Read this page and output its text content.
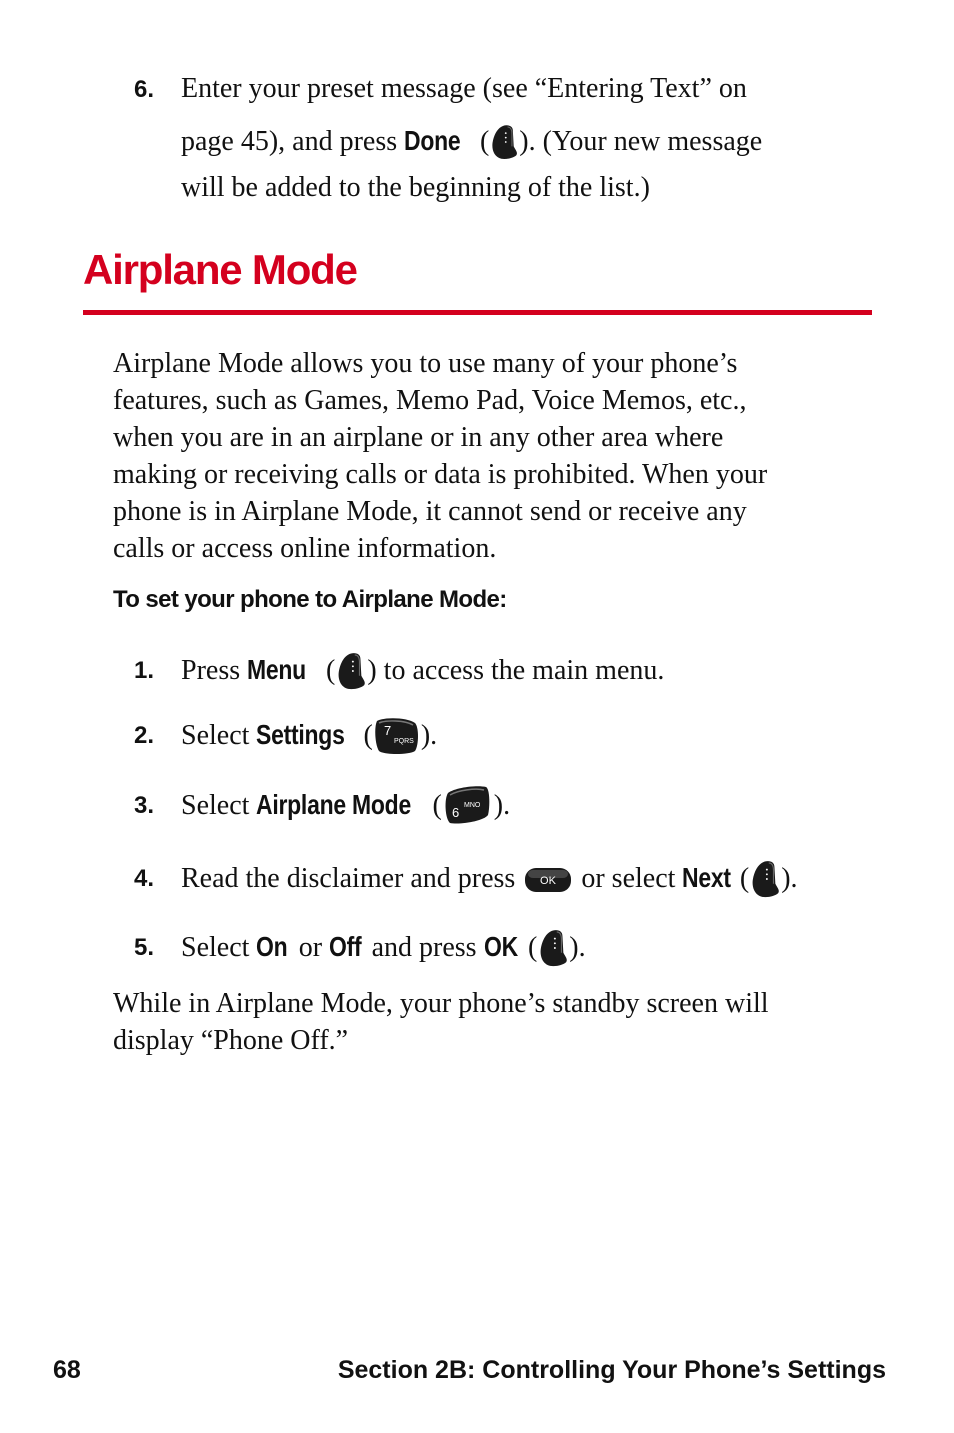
6. Enter your preset message (see “Entering Text” on
page 45), and press Done ( ). (Your new message
will be added to the beginning of the list.)
Airplane Mode
Airplane Mode allows you to use many of your phone’s
features, such as Games, Memo Pad, Voice Memos, etc.,
when you are in an airplane or in any other area where
making or receiving calls or data is prohibited. When your
phone is in Airplane Mode, it cannot send or receive any
calls or access online information.
To set your phone to Airplane Mode:
1. Press Menu ( ) to access the main menu.
2. Select Settings ( 7
PQRS ).
3. Select Airplane Mode ( 6 MNO ).
4. Read the disclaimer and press OK or select Next ( ).
5. Select On or Off and press OK ( ).
While in Airplane Mode, your phone’s standby screen will
display “Phone Off.”
68	Section 2B: Controlling Your Phone’s Settings
